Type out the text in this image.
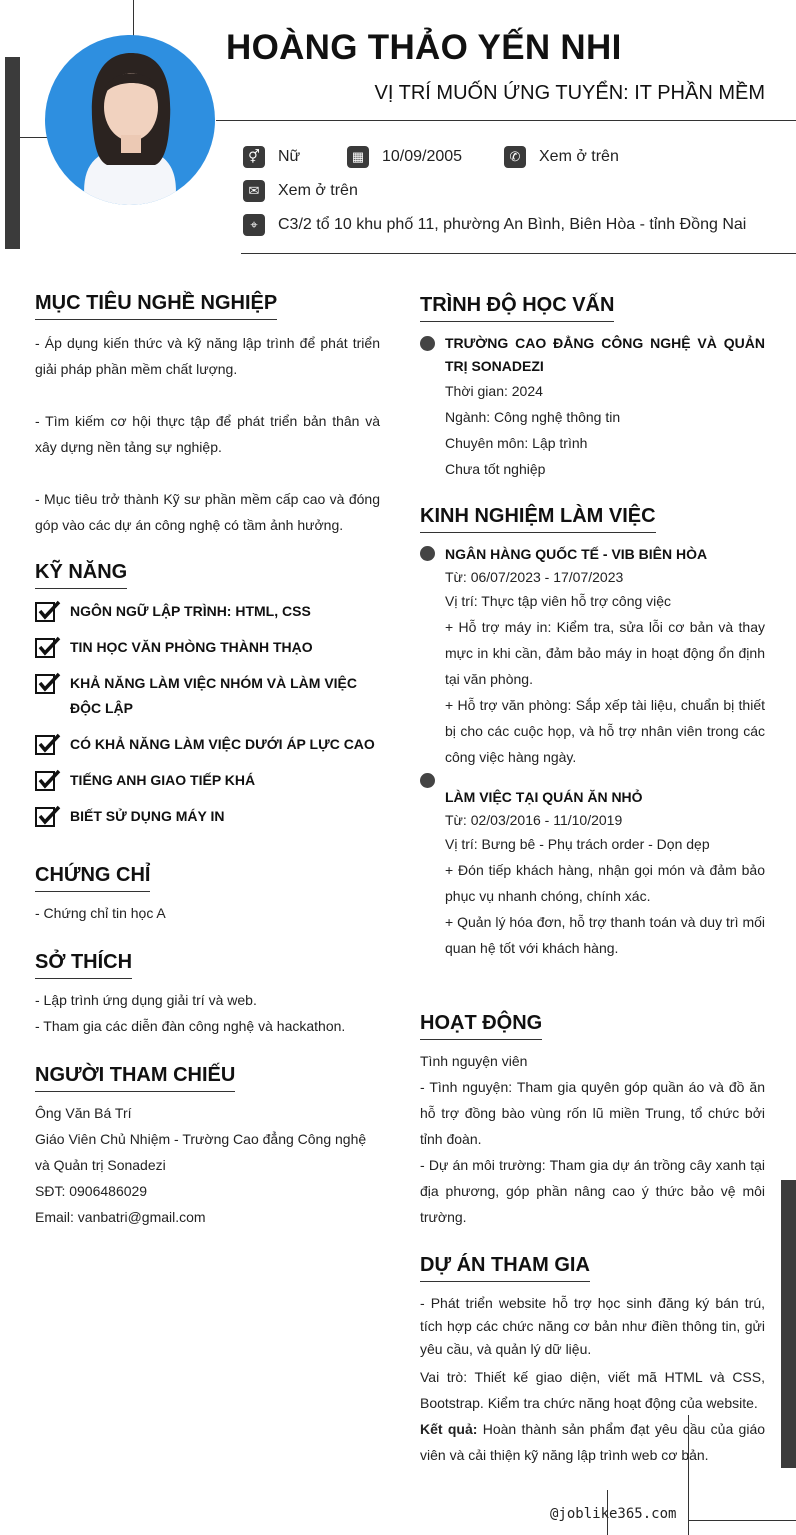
HOÀNG THẢO YẾN NHI
VỊ TRÍ MUỐN ỨNG TUYỂN: IT PHẦN MỀM
⚥	Nữ	▦	10/09/2005	✆	Xem ở trên
✉	Xem ở trên
⌖	C3/2 tổ 10 khu phố 11, phường An Bình, Biên Hòa - tỉnh Đồng Nai
MỤC TIÊU NGHỀ NGHIỆP
- Áp dụng kiến thức và kỹ năng lập trình để phát triển giải pháp phần mềm chất lượng.
- Tìm kiếm cơ hội thực tập để phát triển bản thân và xây dựng nền tảng sự nghiệp.
- Mục tiêu trở thành Kỹ sư phần mềm cấp cao và đóng góp vào các dự án công nghệ có tầm ảnh hưởng.
KỸ NĂNG
NGÔN NGỮ LẬP TRÌNH: HTML, CSS
TIN HỌC VĂN PHÒNG THÀNH THẠO
KHẢ NĂNG LÀM VIỆC NHÓM VÀ LÀM VIỆC ĐỘC LẬP
CÓ KHẢ NĂNG LÀM VIỆC DƯỚI ÁP LỰC CAO
TIẾNG ANH GIAO TIẾP KHÁ
BIẾT SỬ DỤNG MÁY IN
CHỨNG CHỈ
- Chứng chỉ tin học A
SỞ THÍCH
- Lập trình ứng dụng giải trí và web.
- Tham gia các diễn đàn công nghệ và hackathon.
NGƯỜI THAM CHIẾU
Ông Văn Bá Trí
Giáo Viên Chủ Nhiệm - Trường Cao đẳng Công nghệ và Quản trị Sonadezi
SĐT: 0906486029
Email: vanbatri@gmail.com
TRÌNH ĐỘ HỌC VẤN
TRƯỜNG CAO ĐẲNG CÔNG NGHỆ VÀ QUẢN TRỊ SONADEZI
Thời gian: 2024
Ngành: Công nghệ thông tin
Chuyên môn: Lập trình
Chưa tốt nghiệp
KINH NGHIỆM LÀM VIỆC
NGÂN HÀNG QUỐC TẾ - VIB BIÊN HÒA
Từ: 06/07/2023 - 17/07/2023
Vị trí: Thực tập viên hỗ trợ công việc
+ Hỗ trợ máy in: Kiểm tra, sửa lỗi cơ bản và thay mực in khi cần, đảm bảo máy in hoạt động ổn định tại văn phòng.
+ Hỗ trợ văn phòng: Sắp xếp tài liệu, chuẩn bị thiết bị cho các cuộc họp, và hỗ trợ nhân viên trong các công việc hàng ngày.
LÀM VIỆC TẠI QUÁN ĂN NHỎ
Từ: 02/03/2016 - 11/10/2019
Vị trí: Bưng bê - Phụ trách order - Dọn dẹp
+ Đón tiếp khách hàng, nhận gọi món và đảm bảo phục vụ nhanh chóng, chính xác.
+ Quản lý hóa đơn, hỗ trợ thanh toán và duy trì mối quan hệ tốt với khách hàng.
HOẠT ĐỘNG
Tình nguyện viên
- Tình nguyện: Tham gia quyên góp quần áo và đồ ăn hỗ trợ đồng bào vùng rốn lũ miền Trung, tổ chức bởi tỉnh đoàn.
- Dự án môi trường: Tham gia dự án trồng cây xanh tại địa phương, góp phần nâng cao ý thức bảo vệ môi trường.
DỰ ÁN THAM GIA
- Phát triển website hỗ trợ học sinh đăng ký bán trú, tích hợp các chức năng cơ bản như điền thông tin, gửi yêu cầu, và quản lý dữ liệu.
Vai trò: Thiết kế giao diện, viết mã HTML và CSS, Bootstrap. Kiểm tra chức năng hoạt động của website.
Kết quả: Hoàn thành sản phẩm đạt yêu cầu của giáo viên và cải thiện kỹ năng lập trình web cơ bản.
@joblike365.com
